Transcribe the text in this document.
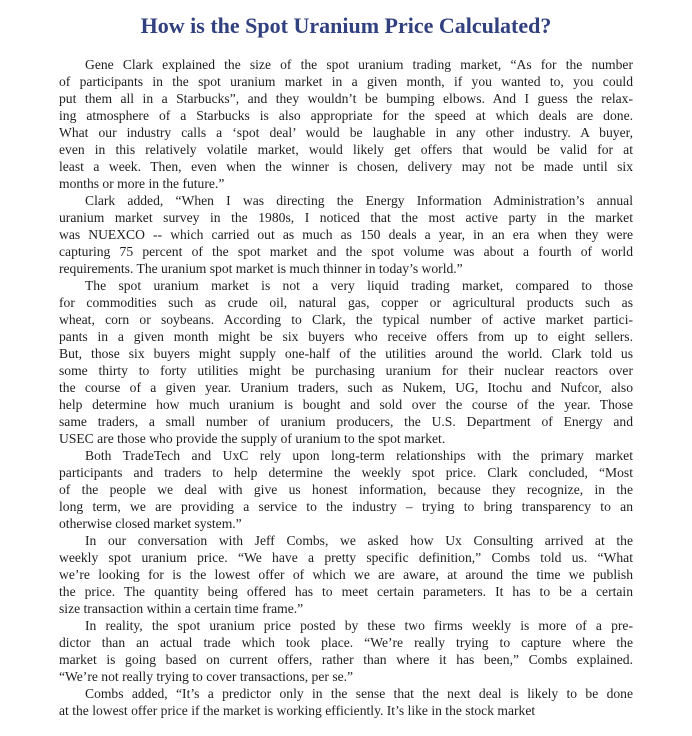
How is the Spot Uranium Price Calculated?

Gene Clark explained the size of the spot uranium trading market, “As for the number
of participants in the spot uranium market in a given month, if you wanted to, you could
put them all in a Starbucks”, and they wouldn’t be bumping elbows. And I guess the relax-
ing atmosphere of a Starbucks is also appropriate for the speed at which deals are done.
What our industry calls a ‘spot deal’ would be laughable in any other industry. A buyer,
even in this relatively volatile market, would likely get offers that would be valid for at
least a week. Then, even when the winner is chosen, delivery may not be made until six
months or more in the future.”

Clark added, “When I was directing the Energy Information Administration’s annual
uranium market survey in the 1980s, I noticed that the most active party in the market
was NUEXCO -- which carried out as much as 150 deals a year, in an era when they were
capturing 75 percent of the spot market and the spot volume was about a fourth of world
requirements. The uranium spot market is much thinner in today’s world.”

The spot uranium market is not a very liquid trading market, compared to those
for commodities such as crude oil, natural gas, copper or agricultural products such as
wheat, corn or soybeans. According to Clark, the typical number of active market partici-
pants in a given month might be six buyers who receive offers from up to eight sellers.
But, those six buyers might supply one-half of the utilities around the world. Clark told us
some thirty to forty utilities might be purchasing uranium for their nuclear reactors over
the course of a given year. Uranium traders, such as Nukem, UG, Itochu and Nufcor, also
help determine how much uranium is bought and sold over the course of the year. Those
same traders, a small number of uranium producers, the U.S. Department of Energy and
USEC are those who provide the supply of uranium to the spot market.

Both TradeTech and UxC rely upon long-term relationships with the primary market
participants and traders to help determine the weekly spot price. Clark concluded, “Most
of the people we deal with give us honest information, because they recognize, in the
long term, we are providing a service to the industry – trying to bring transparency to an
otherwise closed market system.”

In our conversation with Jeff Combs, we asked how Ux Consulting arrived at the
weekly spot uranium price. “We have a pretty specific definition,” Combs told us. “What
we’re looking for is the lowest offer of which we are aware, at around the time we publish
the price. The quantity being offered has to meet certain parameters. It has to be a certain
size transaction within a certain time frame.”

In reality, the spot uranium price posted by these two firms weekly is more of a pre-
dictor than an actual trade which took place. “We’re really trying to capture where the
market is going based on current offers, rather than where it has been,” Combs explained.
“We’re not really trying to cover transactions, per se.”

Combs added, “It’s a predictor only in the sense that the next deal is likely to be done
at the lowest offer price if the market is working efficiently. It’s like in the stock market
